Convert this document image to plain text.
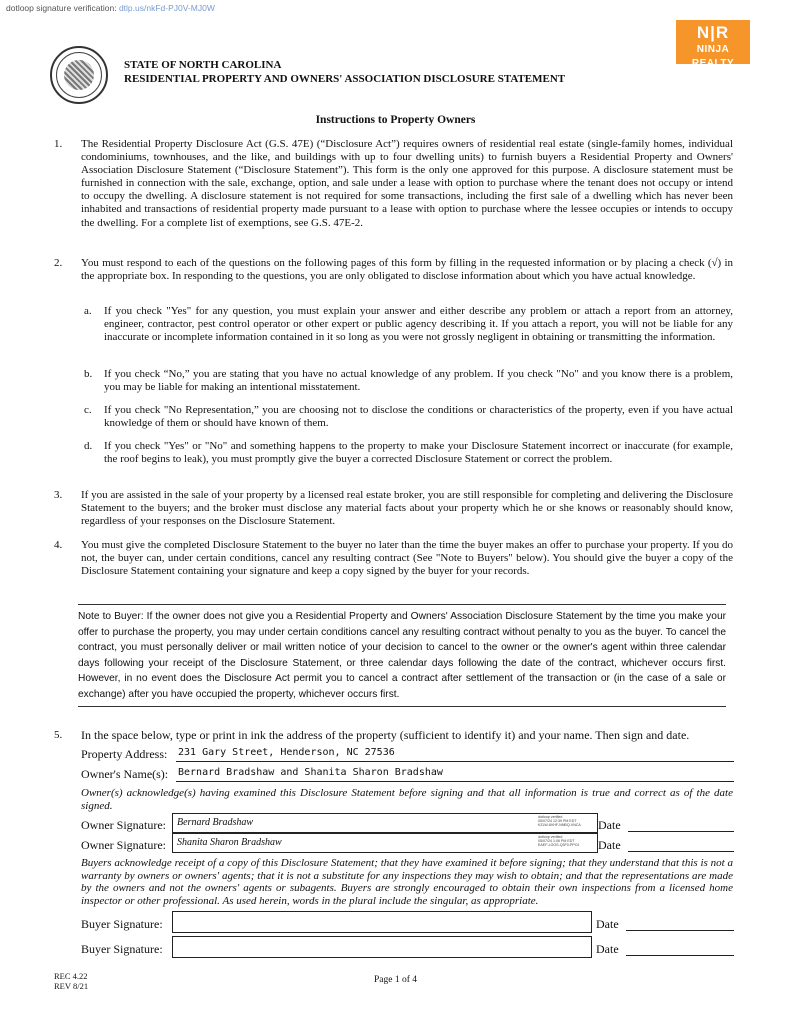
dotloop signature verification: dtlp.us/nkFd-PJ0V-MJ0W
N|R
NINJA REALTY
STATE OF NORTH CAROLINA
RESIDENTIAL PROPERTY AND OWNERS' ASSOCIATION DISCLOSURE STATEMENT
Instructions to Property Owners
1. The Residential Property Disclosure Act (G.S. 47E) (“Disclosure Act”) requires owners of residential real estate (single-family homes, individual condominiums, townhouses, and the like, and buildings with up to four dwelling units) to furnish buyers a Residential Property and Owners' Association Disclosure Statement (“Disclosure Statement”). This form is the only one approved for this purpose. A disclosure statement must be furnished in connection with the sale, exchange, option, and sale under a lease with option to purchase where the tenant does not occupy or intend to occupy the dwelling. A disclosure statement is not required for some transactions, including the first sale of a dwelling which has never been inhabited and transactions of residential property made pursuant to a lease with option to purchase where the lessee occupies or intends to occupy the dwelling. For a complete list of exemptions, see G.S. 47E-2.
2. You must respond to each of the questions on the following pages of this form by filling in the requested information or by placing a check (√) in the appropriate box. In responding to the questions, you are only obligated to disclose information about which you have actual knowledge.
a. If you check "Yes" for any question, you must explain your answer and either describe any problem or attach a report from an attorney, engineer, contractor, pest control operator or other expert or public agency describing it. If you attach a report, you will not be liable for any inaccurate or incomplete information contained in it so long as you were not grossly negligent in obtaining or transmitting the information.
b. If you check “No,” you are stating that you have no actual knowledge of any problem. If you check "No" and you know there is a problem, you may be liable for making an intentional misstatement.
c. If you check "No Representation,” you are choosing not to disclose the conditions or characteristics of the property, even if you have actual knowledge of them or should have known of them.
d. If you check "Yes" or "No" and something happens to the property to make your Disclosure Statement incorrect or inaccurate (for example, the roof begins to leak), you must promptly give the buyer a corrected Disclosure Statement or correct the problem.
3. If you are assisted in the sale of your property by a licensed real estate broker, you are still responsible for completing and delivering the Disclosure Statement to the buyers; and the broker must disclose any material facts about your property which he or she knows or reasonably should know, regardless of your responses on the Disclosure Statement.
4. You must give the completed Disclosure Statement to the buyer no later than the time the buyer makes an offer to purchase your property. If you do not, the buyer can, under certain conditions, cancel any resulting contract (See "Note to Buyers" below). You should give the buyer a copy of the Disclosure Statement containing your signature and keep a copy signed by the buyer for your records.
Note to Buyer: If the owner does not give you a Residential Property and Owners' Association Disclosure Statement by the time you make your offer to purchase the property, you may under certain conditions cancel any resulting contract without penalty to you as the buyer. To cancel the contract, you must personally deliver or mail written notice of your decision to cancel to the owner or the owner's agent within three calendar days following your receipt of the Disclosure Statement, or three calendar days following the date of the contract, whichever occurs first. However, in no event does the Disclosure Act permit you to cancel a contract after settlement of the transaction or (in the case of a sale or exchange) after you have occupied the property, whichever occurs first.
5. In the space below, type or print in ink the address of the property (sufficient to identify it) and your name. Then sign and date.
Property Address: 231 Gary Street, Henderson, NC 27536
Owner's Name(s): Bernard Bradshaw and Shanita Sharon Bradshaw
Owner(s) acknowledge(s) having examined this Disclosure Statement before signing and that all information is true and correct as of the date signed.
Owner Signature: Bernard Bradshaw	dotloop verified
05/07/24 12:39 PM EDT
KZLW-8VHF-NNBQ-VNCA Date
Owner Signature: Shanita Sharon Bradshaw	dotloop verified
05/07/24 1:06 PM EDT
EAEF-LGOS-Q3F0-PPOJ Date
Buyers acknowledge receipt of a copy of this Disclosure Statement; that they have examined it before signing; that they understand that this is not a warranty by owners or owners' agents; that it is not a substitute for any inspections they may wish to obtain; and that the representations are made by the owners and not the owners' agents or subagents. Buyers are strongly encouraged to obtain their own inspections from a licensed home inspector or other professional. As used herein, words in the plural include the singular, as appropriate.
Buyer Signature:	Date
Buyer Signature:	Date
REC 4.22
REV 8/21
Page 1 of 4
